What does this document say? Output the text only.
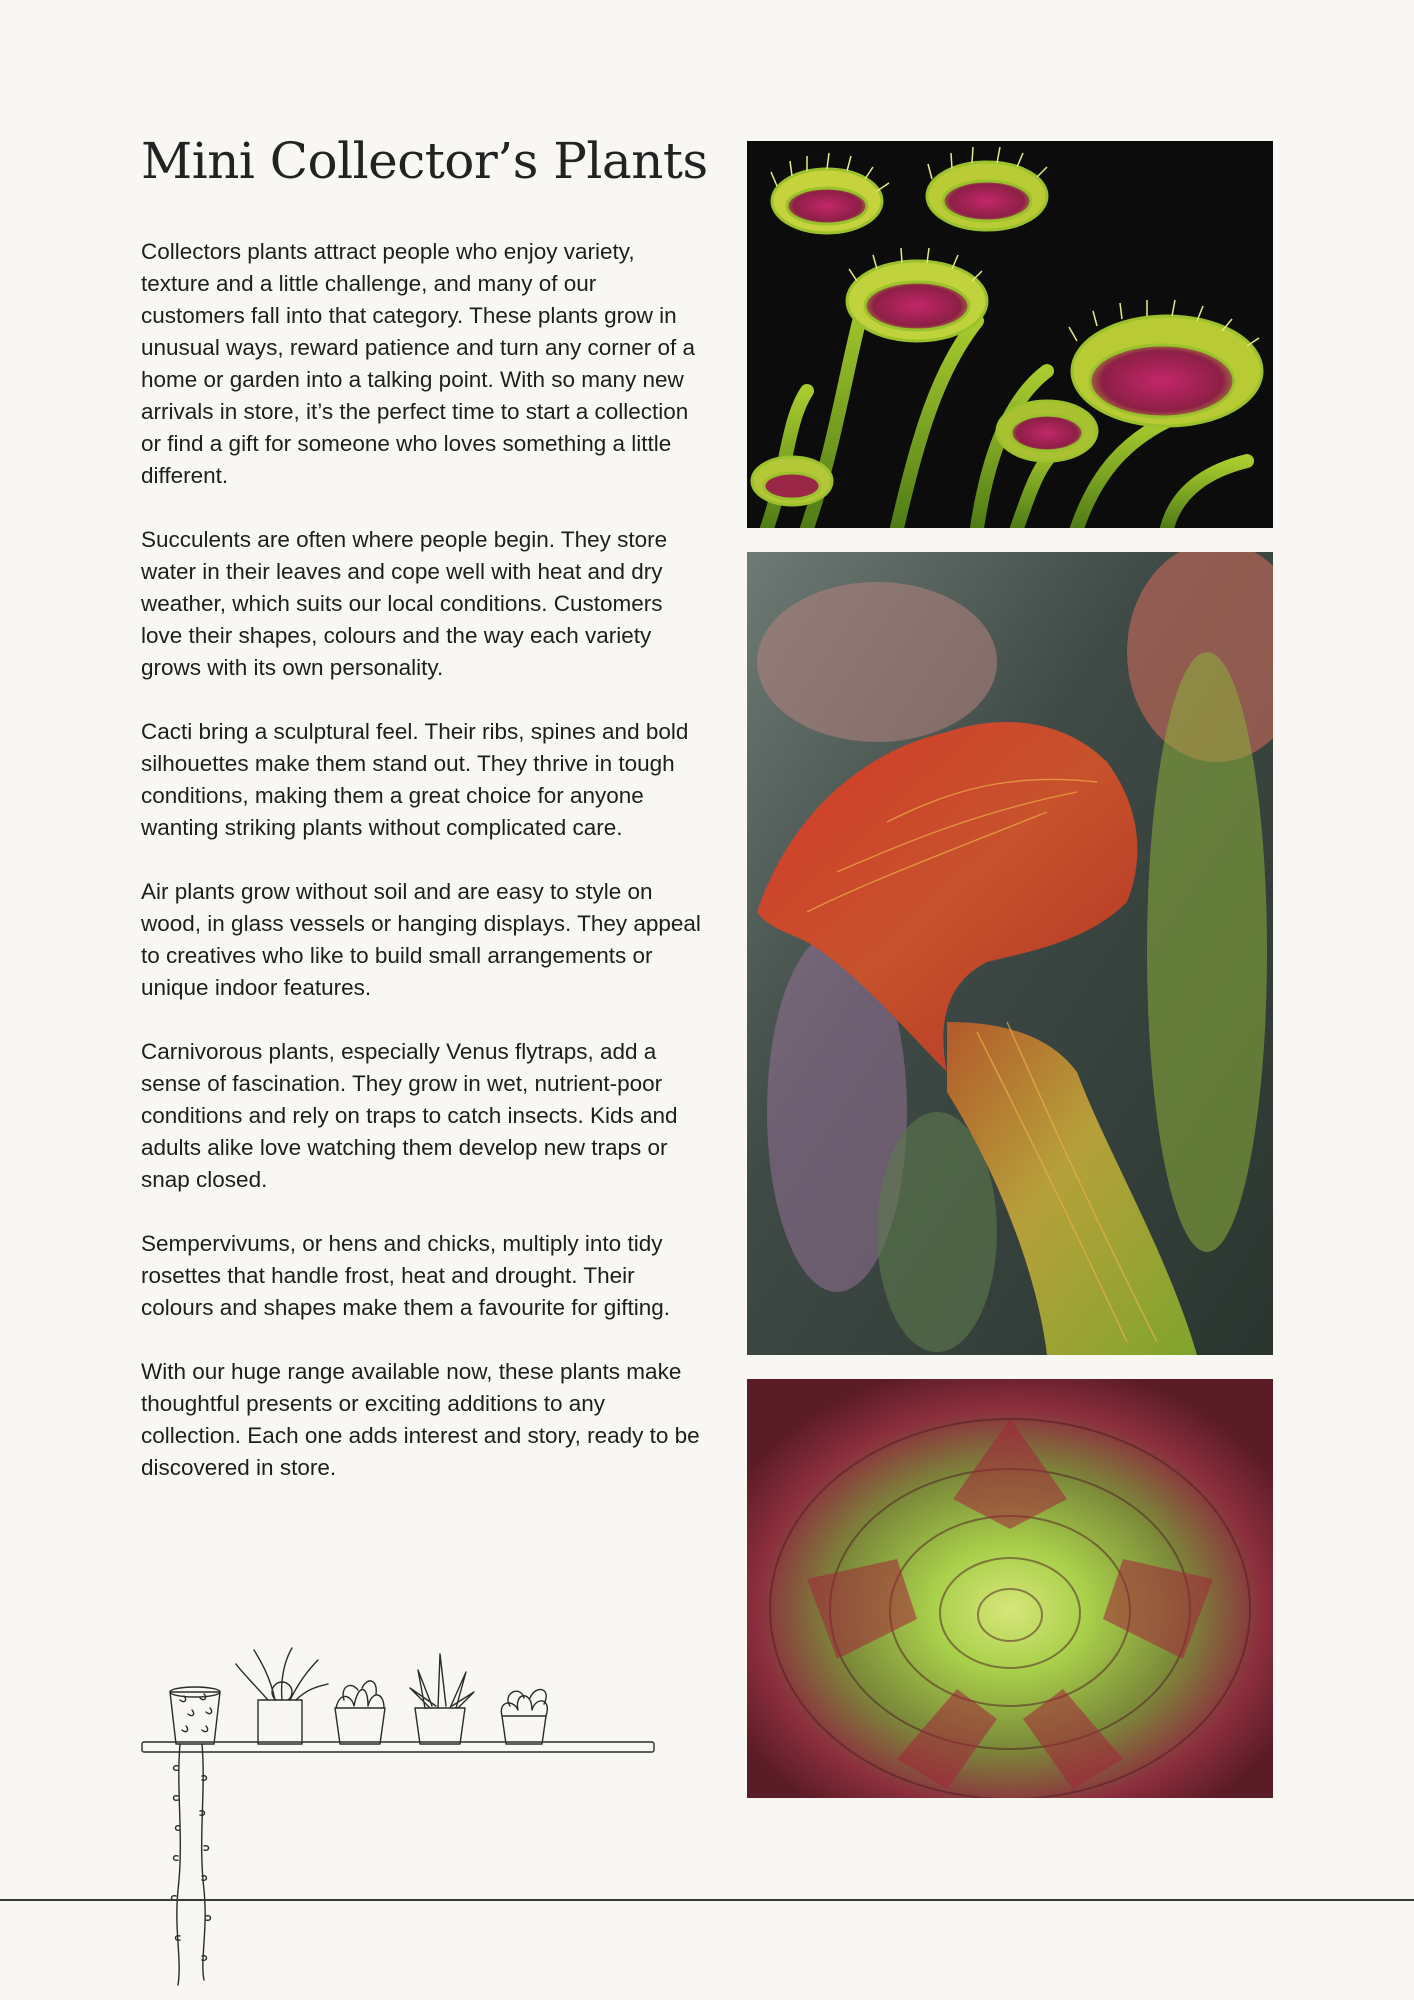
Mini Collector’s Plants

Collectors plants attract people who enjoy variety, texture and a little challenge, and many of our customers fall into that category. These plants grow in unusual ways, reward patience and turn any corner of a home or garden into a talking point. With so many new arrivals in store, it’s the perfect time to start a collection or find a gift for someone who loves something a little different.

Succulents are often where people begin. They store water in their leaves and cope well with heat and dry weather, which suits our local conditions. Customers love their shapes, colours and the way each variety grows with its own personality.

Cacti bring a sculptural feel. Their ribs, spines and bold silhouettes make them stand out. They thrive in tough conditions, making them a great choice for anyone wanting striking plants without complicated care.

Air plants grow without soil and are easy to style on wood, in glass vessels or hanging displays. They appeal to creatives who like to build small arrangements or unique indoor features.

Carnivorous plants, especially Venus flytraps, add a sense of fascination. They grow in wet, nutrient-poor conditions and rely on traps to catch insects. Kids and adults alike love watching them develop new traps or snap closed.

Sempervivums, or hens and chicks, multiply into tidy rosettes that handle frost, heat and drought. Their colours and shapes make them a favourite for gifting.

With our huge range available now, these plants make thoughtful presents or exciting additions to any collection. Each one adds interest and story, ready to be discovered in store.
